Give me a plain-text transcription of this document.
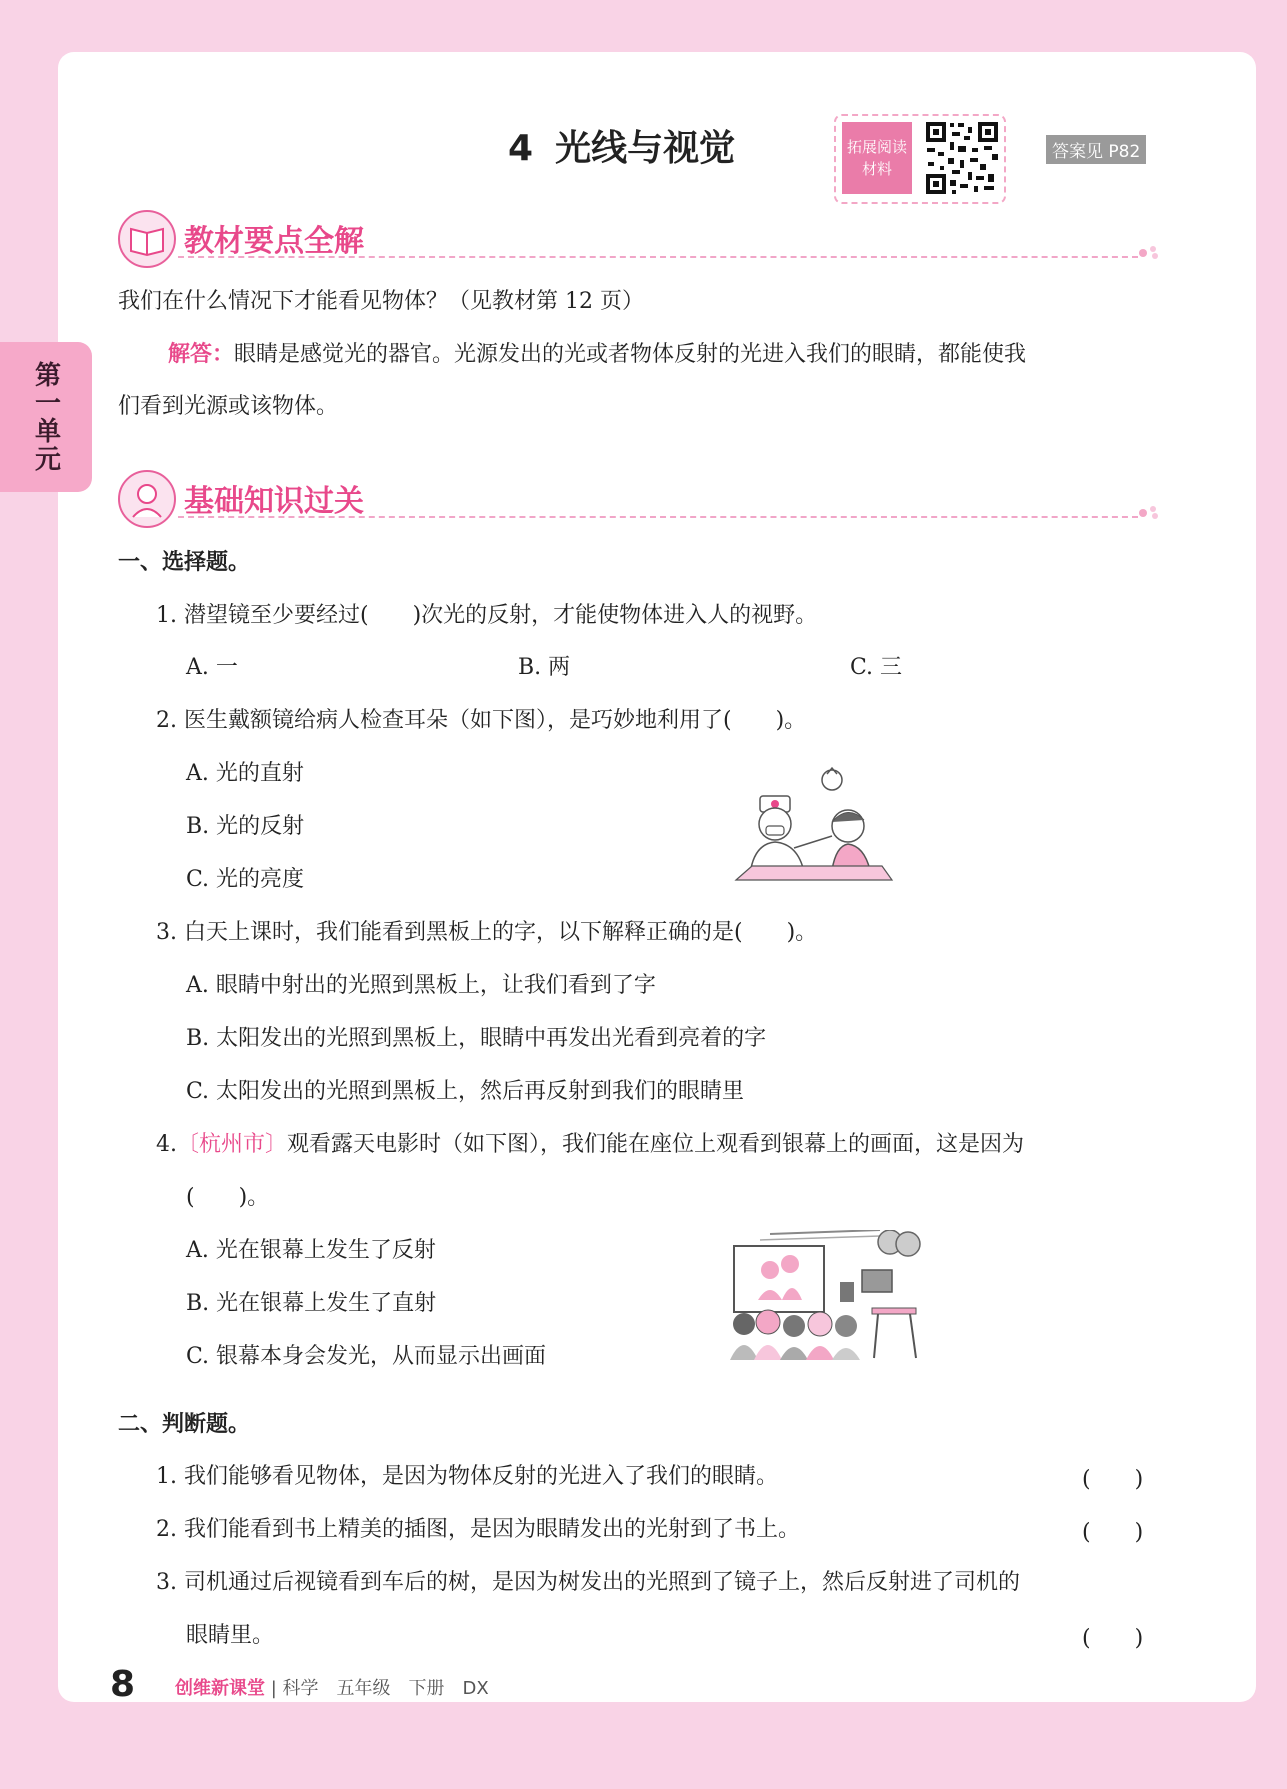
第一单元
4 光线与视觉	拓展阅读
材料
答案见 P82
教材要点全解
我们在什么情况下才能看见物体？（见教材第 12 页）
解答：眼睛是感觉光的器官。光源发出的光或者物体反射的光进入我们的眼睛，都能使我
们看到光源或该物体。
基础知识过关
一、选择题。
1. 潜望镜至少要经过(　　)次光的反射，才能使物体进入人的视野。
A. 一	B. 两	C. 三
2. 医生戴额镜给病人检查耳朵（如下图），是巧妙地利用了(　　)。
A. 光的直射
B. 光的反射
C. 光的亮度
3. 白天上课时，我们能看到黑板上的字，以下解释正确的是(　　)。
A. 眼睛中射出的光照到黑板上，让我们看到了字
B. 太阳发出的光照到黑板上，眼睛中再发出光看到亮着的字
C. 太阳发出的光照到黑板上，然后再反射到我们的眼睛里
4.〔杭州市〕观看露天电影时（如下图），我们能在座位上观看到银幕上的画面，这是因为
(　　)。
A. 光在银幕上发生了反射
B. 光在银幕上发生了直射
C. 银幕本身会发光，从而显示出画面
二、判断题。
1. 我们能够看见物体，是因为物体反射的光进入了我们的眼睛。	(　　)
2. 我们能看到书上精美的插图，是因为眼睛发出的光射到了书上。	(　　)
3. 司机通过后视镜看到车后的树，是因为树发出的光照到了镜子上，然后反射进了司机的
眼睛里。	(　　)
8 创维新课堂 | 科学　五年级　下册　DX
